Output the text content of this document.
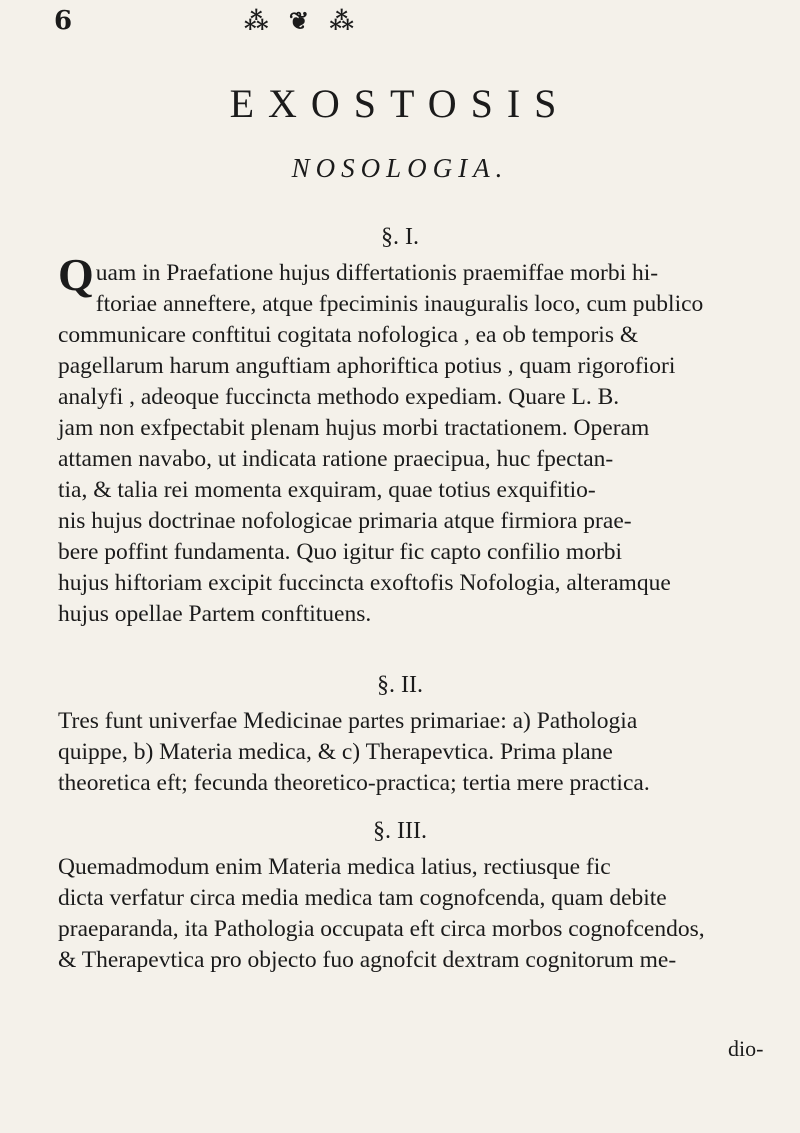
6	⁂ ❦ ⁂
EXOSTOSIS
NOSOLOGIA.
§. I.
Q uam in Praefatione hujus differtationis praemiffae morbi hi-

ftoriae anneftere, atque fpeciminis inauguralis loco, cum publico

communicare conftitui cogitata nofologica , ea ob temporis &

pagellarum harum anguftiam aphoriftica potius , quam rigorofiori

analyfi , adeoque fuccincta methodo expediam. Quare L. B.

jam non exfpectabit plenam hujus morbi tractationem. Operam

attamen navabo, ut indicata ratione praecipua, huc fpectan-

tia, & talia rei momenta exquiram, quae totius exquifitio-

nis hujus doctrinae nofologicae primaria atque firmiora prae-

bere poffint fundamenta. Quo igitur fic capto confilio morbi

hujus hiftoriam excipit fuccincta exoftofis Nofologia, alteramque

hujus opellae Partem conftituens.

§. II.

Tres funt univerfae Medicinae partes primariae: a) Pathologia

quippe, b) Materia medica, & c) Therapevtica. Prima plane

theoretica eft; fecunda theoretico-practica; tertia mere practica.

§. III.

Quemadmodum enim Materia medica latius, rectiusque fic

dicta verfatur circa media medica tam cognofcenda, quam debite

praeparanda, ita Pathologia occupata eft circa morbos cognofcendos,

& Therapevtica pro objecto fuo agnofcit dextram cognitorum me-

dio-
